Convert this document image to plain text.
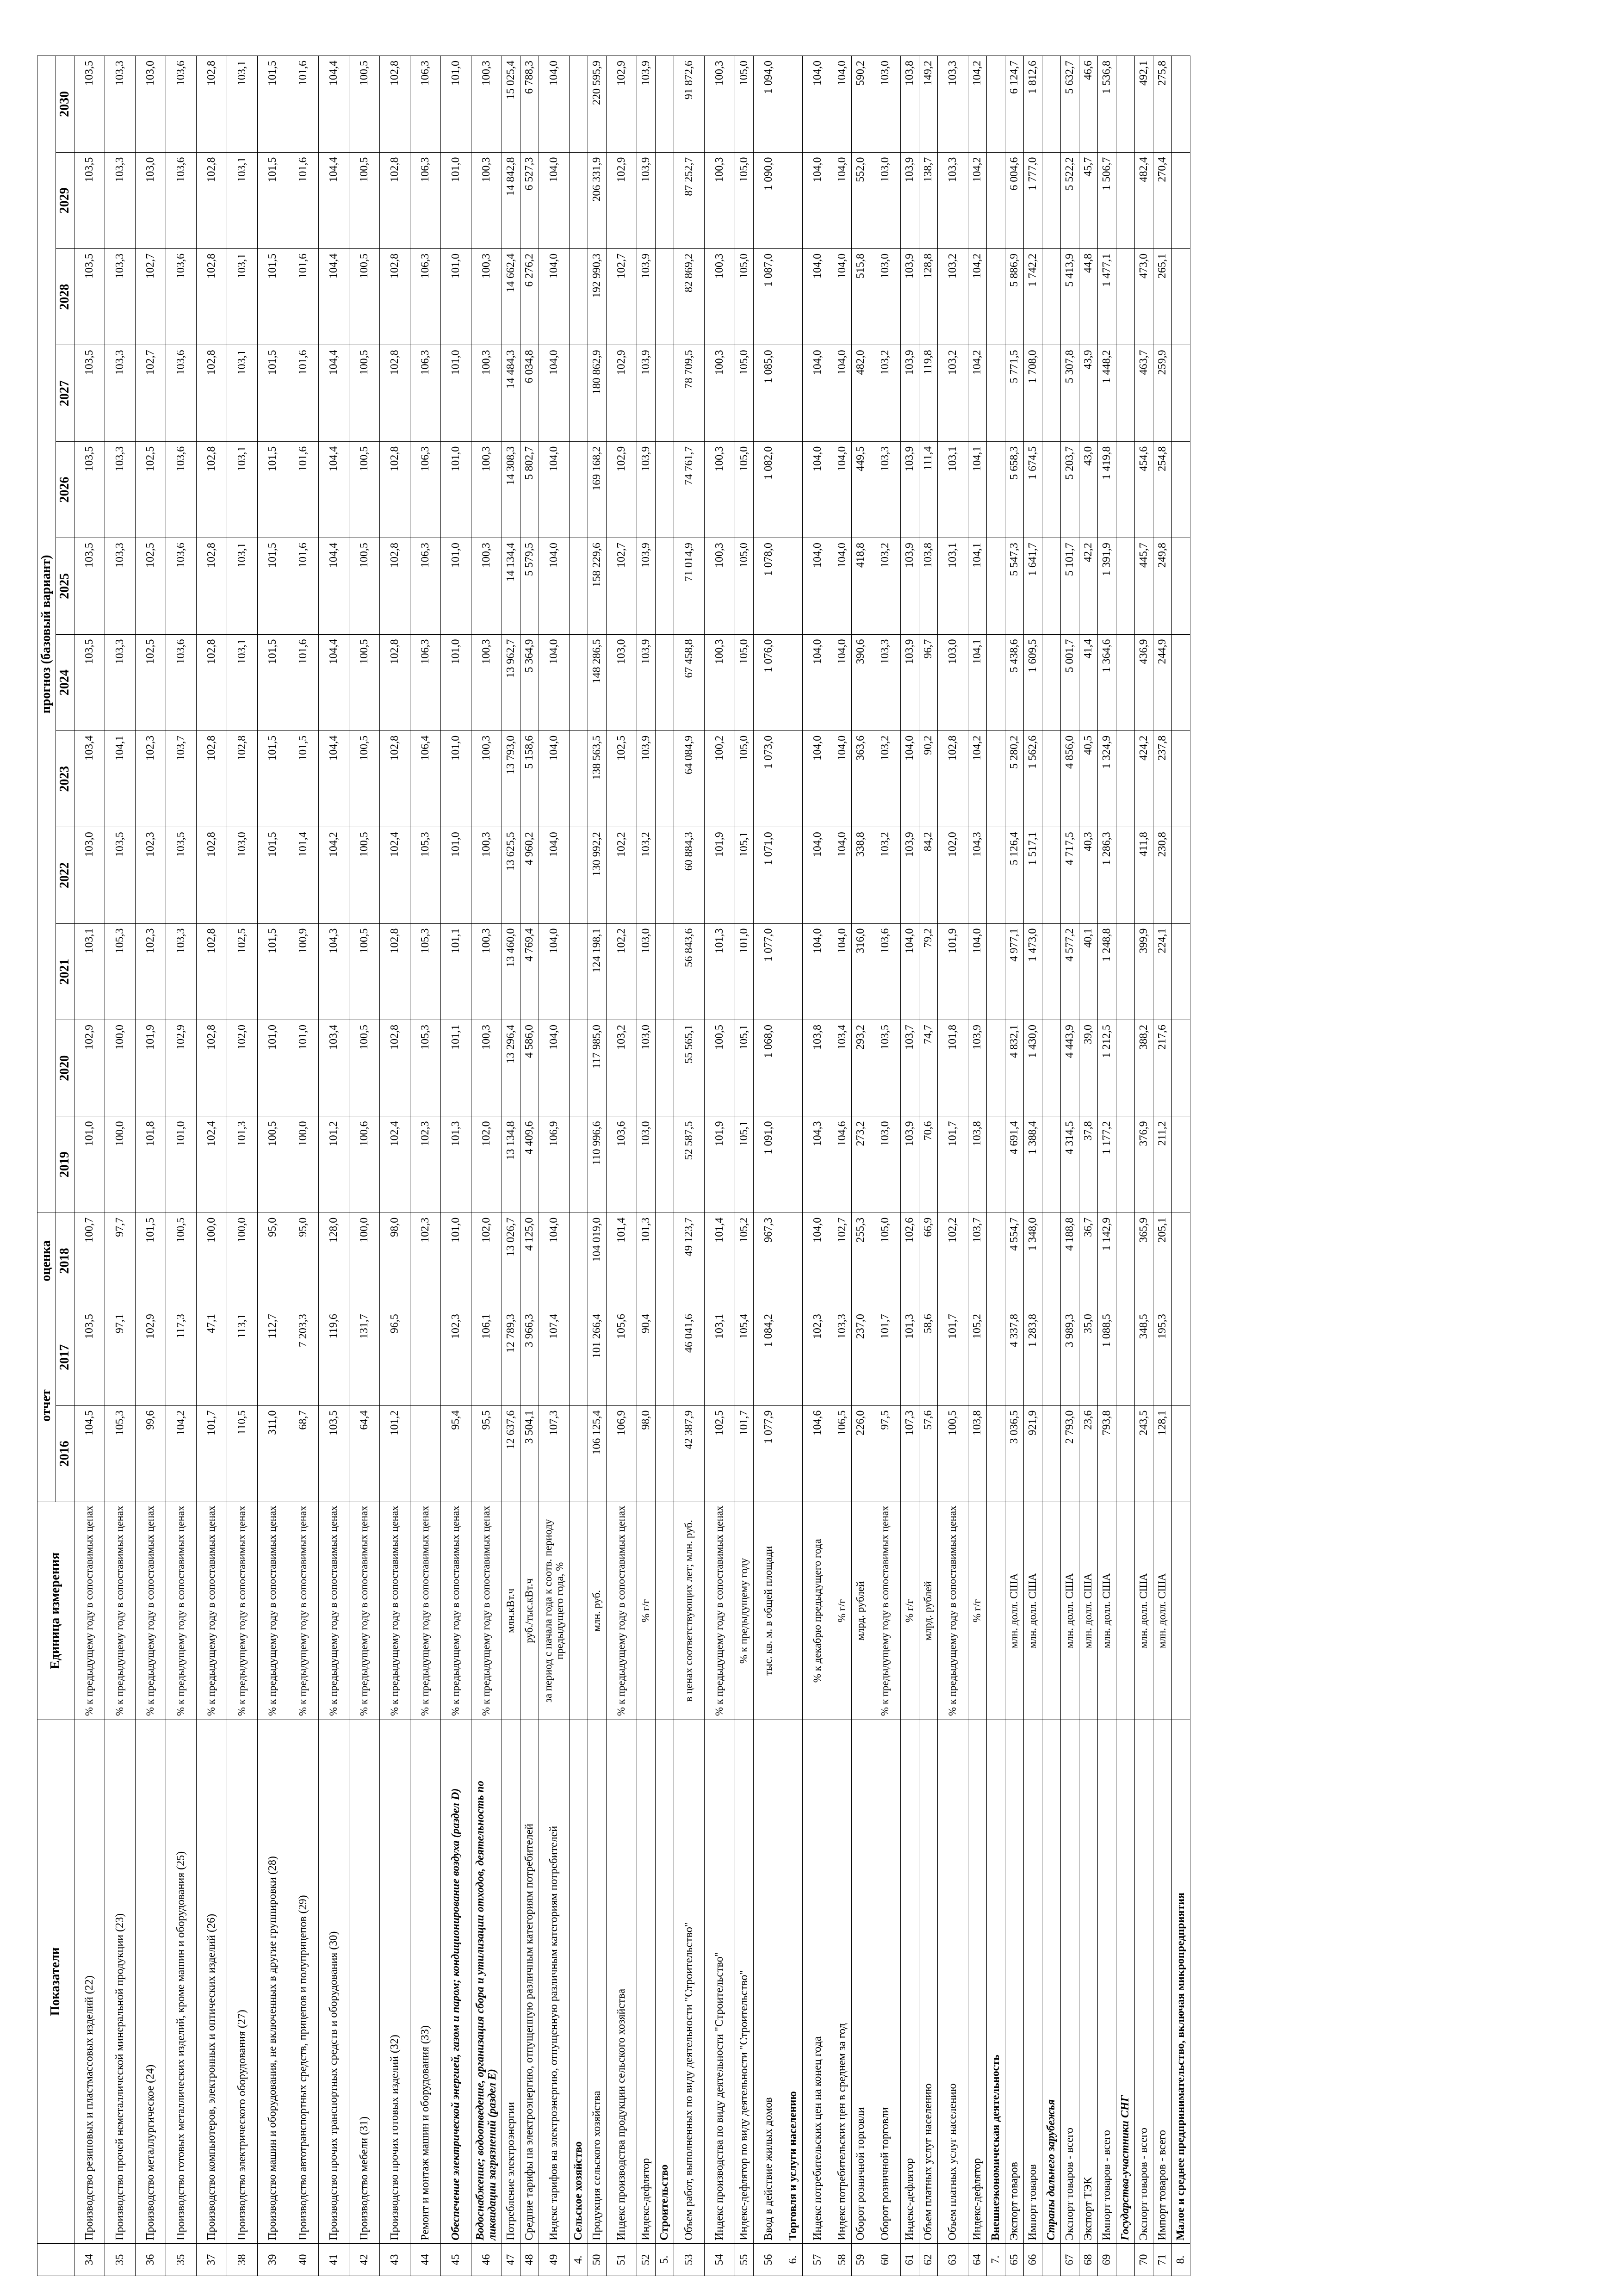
	Показатели	Единица измерения	отчет		оценка	прогноз (базовый вариант)											
			2016	2017	2018	2019	2020	2021	2022	2023	2024	2025	2026	2027	2028	2029	2030
34	Производство резиновых и пластмассовых изделий (22)	% к предыдущему году в сопоставимых ценах	104,5	103,5	100,7	101,0	102,9	103,1	103,0	103,4	103,5	103,5	103,5	103,5	103,5	103,5	103,5
35	Производство прочей неметаллической минеральной продукции (23)	% к предыдущему году в сопоставимых ценах	105,3	97,1	97,7	100,0	100,0	105,3	103,5	104,1	103,3	103,3	103,3	103,3	103,3	103,3	103,3
36	Производство металлургическое (24)	% к предыдущему году в сопоставимых ценах	99,6	102,9	101,5	101,8	101,9	102,3	102,3	102,3	102,5	102,5	102,5	102,7	102,7	103,0	103,0
35	Производство готовых металлических изделий, кроме машин и оборудования (25)	% к предыдущему году в сопоставимых ценах	104,2	117,3	100,5	101,0	102,9	103,3	103,5	103,7	103,6	103,6	103,6	103,6	103,6	103,6	103,6
37	Производство компьютеров, электронных и оптических изделий (26)	% к предыдущему году в сопоставимых ценах	101,7	47,1	100,0	102,4	102,8	102,8	102,8	102,8	102,8	102,8	102,8	102,8	102,8	102,8	102,8
38	Производство электрического оборудования (27)	% к предыдущему году в сопоставимых ценах	110,5	113,1	100,0	101,3	102,0	102,5	103,0	102,8	103,1	103,1	103,1	103,1	103,1	103,1	103,1
39	Производство машин и оборудования, не включенных в другие группировки (28)	% к предыдущему году в сопоставимых ценах	311,0	112,7	95,0	100,5	101,0	101,5	101,5	101,5	101,5	101,5	101,5	101,5	101,5	101,5	101,5
40	Производство автотранспортных средств, прицепов и полуприцепов (29)	% к предыдущему году в сопоставимых ценах	68,7	7 203,3	95,0	100,0	101,0	100,9	101,4	101,5	101,6	101,6	101,6	101,6	101,6	101,6	101,6
41	Производство прочих транспортных средств и оборудования (30)	% к предыдущему году в сопоставимых ценах	103,5	119,6	128,0	101,2	103,4	104,3	104,2	104,4	104,4	104,4	104,4	104,4	104,4	104,4	104,4
42	Производство мебели (31)	% к предыдущему году в сопоставимых ценах	64,4	131,7	100,0	100,6	100,5	100,5	100,5	100,5	100,5	100,5	100,5	100,5	100,5	100,5	100,5
43	Производство прочих готовых изделий (32)	% к предыдущему году в сопоставимых ценах	101,2	96,5	98,0	102,4	102,8	102,8	102,4	102,8	102,8	102,8	102,8	102,8	102,8	102,8	102,8
44	Ремонт и монтаж машин и оборудования (33)	% к предыдущему году в сопоставимых ценах			102,3	102,3	105,3	105,3	105,3	106,4	106,3	106,3	106,3	106,3	106,3	106,3	106,3
45	Обеспечение электрической энергией, газом и паром; кондиционирование воздуха (раздел D)	% к предыдущему году в сопоставимых ценах	95,4	102,3	101,0	101,3	101,1	101,1	101,0	101,0	101,0	101,0	101,0	101,0	101,0	101,0	101,0
46	Водоснабжение; водоотведение, организация сбора и утилизации отходов, деятельность по ликвидации загрязнений (раздел E)	% к предыдущему году в сопоставимых ценах	95,5	106,1	102,0	102,0	100,3	100,3	100,3	100,3	100,3	100,3	100,3	100,3	100,3	100,3	100,3
47	Потребление электроэнергии	млн.кВт.ч	12 637,6	12 789,3	13 026,7	13 134,8	13 296,4	13 460,0	13 625,5	13 793,0	13 962,7	14 134,4	14 308,3	14 484,3	14 662,4	14 842,8	15 025,4
48	Средние тарифы на электроэнергию, отпущенную различным категориям потребителей	руб./тыс.кВт.ч	3 504,1	3 966,3	4 125,0	4 409,6	4 586,0	4 769,4	4 960,2	5 158,6	5 364,9	5 579,5	5 802,7	6 034,8	6 276,2	6 527,3	6 788,3
49	Индекс тарифов на электроэнергию, отпущенную различным категориям потребителей	за период с начала года к соотв. периоду предыдущего года, %	107,3	107,4	104,0	106,9	104,0	104,0	104,0	104,0	104,0	104,0	104,0	104,0	104,0	104,0	104,0
4.	Сельское хозяйство																
50	Продукция сельского хозяйства	млн. руб.	106 125,4	101 266,4	104 019,0	110 996,6	117 985,0	124 198,1	130 992,2	138 563,5	148 286,5	158 229,6	169 168,2	180 862,9	192 990,3	206 331,9	220 595,9
51	Индекс производства продукции сельского хозяйства	% к предыдущему году в сопоставимых ценах	106,9	105,6	101,4	103,6	103,2	102,2	102,2	102,5	103,0	102,7	102,9	102,9	102,7	102,9	102,9
52	Индекс-дефлятор	% г/г	98,0	90,4	101,3	103,0	103,0	103,0	103,2	103,9	103,9	103,9	103,9	103,9	103,9	103,9	103,9
5.	Строительство																
53	Объем работ, выполненных по виду деятельности "Строительство"	в ценах соответствующих лет; млн. руб.	42 387,9	46 041,6	49 123,7	52 587,5	55 565,1	56 843,6	60 884,3	64 084,9	67 458,8	71 014,9	74 761,7	78 709,5	82 869,2	87 252,7	91 872,6
54	Индекс производства по виду деятельности "Строительство"	% к предыдущему году в сопоставимых ценах	102,5	103,1	101,4	101,9	100,5	101,3	101,9	100,2	100,3	100,3	100,3	100,3	100,3	100,3	100,3
55	Индекс-дефлятор по виду деятельности "Строительство"	% к предыдущему году	101,7	105,4	105,2	105,1	105,1	101,0	105,1	105,0	105,0	105,0	105,0	105,0	105,0	105,0	105,0
56	Ввод в действие жилых домов	тыс. кв. м. в общей площади	1 077,9	1 084,2	967,3	1 091,0	1 068,0	1 077,0	1 071,0	1 073,0	1 076,0	1 078,0	1 082,0	1 085,0	1 087,0	1 090,0	1 094,0
6.	Торговля и услуги населению																
57	Индекс потребительских цен на конец года	% к декабрю предыдущего года	104,6	102,3	104,0	104,3	103,8	104,0	104,0	104,0	104,0	104,0	104,0	104,0	104,0	104,0	104,0
58	Индекс потребительских цен в среднем за год	% г/г	106,5	103,3	102,7	104,6	103,4	104,0	104,0	104,0	104,0	104,0	104,0	104,0	104,0	104,0	104,0
59	Оборот розничной торговли	млрд. рублей	226,0	237,0	255,3	273,2	293,2	316,0	338,8	363,6	390,6	418,8	449,5	482,0	515,8	552,0	590,2
60	Оборот розничной торговли	% к предыдущему году в сопоставимых ценах	97,5	101,7	105,0	103,0	103,5	103,6	103,2	103,2	103,3	103,2	103,3	103,2	103,0	103,0	103,0
61	Индекс-дефлятор	% г/г	107,3	101,3	102,6	103,9	103,7	104,0	103,9	104,0	103,9	103,9	103,9	103,9	103,9	103,9	103,8
62	Объем платных услуг населению	млрд. рублей	57,6	58,6	66,9	70,6	74,7	79,2	84,2	90,2	96,7	103,8	111,4	119,8	128,8	138,7	149,2
63	Объем платных услуг населению	% к предыдущему году в сопоставимых ценах	100,5	101,7	102,2	101,7	101,8	101,9	102,0	102,8	103,0	103,1	103,1	103,2	103,2	103,3	103,3
64	Индекс-дефлятор	% г/г	103,8	105,2	103,7	103,8	103,9	104,0	104,3	104,2	104,1	104,1	104,1	104,2	104,2	104,2	104,2
7.	Внешнеэкономическая деятельность																
65	Экспорт товаров	млн. долл. США	3 036,5	4 337,8	4 554,7	4 691,4	4 832,1	4 977,1	5 126,4	5 280,2	5 438,6	5 547,3	5 658,3	5 771,5	5 886,9	6 004,6	6 124,7
66	Импорт товаров	млн. долл. США	921,9	1 283,8	1 348,0	1 388,4	1 430,0	1 473,0	1 517,1	1 562,6	1 609,5	1 641,7	1 674,5	1 708,0	1 742,2	1 777,0	1 812,6
	Страны дальнего зарубежья																
67	Экспорт товаров - всего	млн. долл. США	2 793,0	3 989,3	4 188,8	4 314,5	4 443,9	4 577,2	4 717,5	4 856,0	5 001,7	5 101,7	5 203,7	5 307,8	5 413,9	5 522,2	5 632,7
68	Экспорт ТЭК	млн. долл. США	23,6	35,0	36,7	37,8	39,0	40,1	40,3	40,5	41,4	42,2	43,0	43,9	44,8	45,7	46,6
69	Импорт товаров - всего	млн. долл. США	793,8	1 088,5	1 142,9	1 177,2	1 212,5	1 248,8	1 286,3	1 324,9	1 364,6	1 391,9	1 419,8	1 448,2	1 477,1	1 506,7	1 536,8
	Государства-участники СНГ																
70	Экспорт товаров - всего	млн. долл. США	243,5	348,5	365,9	376,9	388,2	399,9	411,8	424,2	436,9	445,7	454,6	463,7	473,0	482,4	492,1
71	Импорт товаров - всего	млн. долл. США	128,1	195,3	205,1	211,2	217,6	224,1	230,8	237,8	244,9	249,8	254,8	259,9	265,1	270,4	275,8
8.	Малое и среднее предпринимательство, включая микропредприятия																
